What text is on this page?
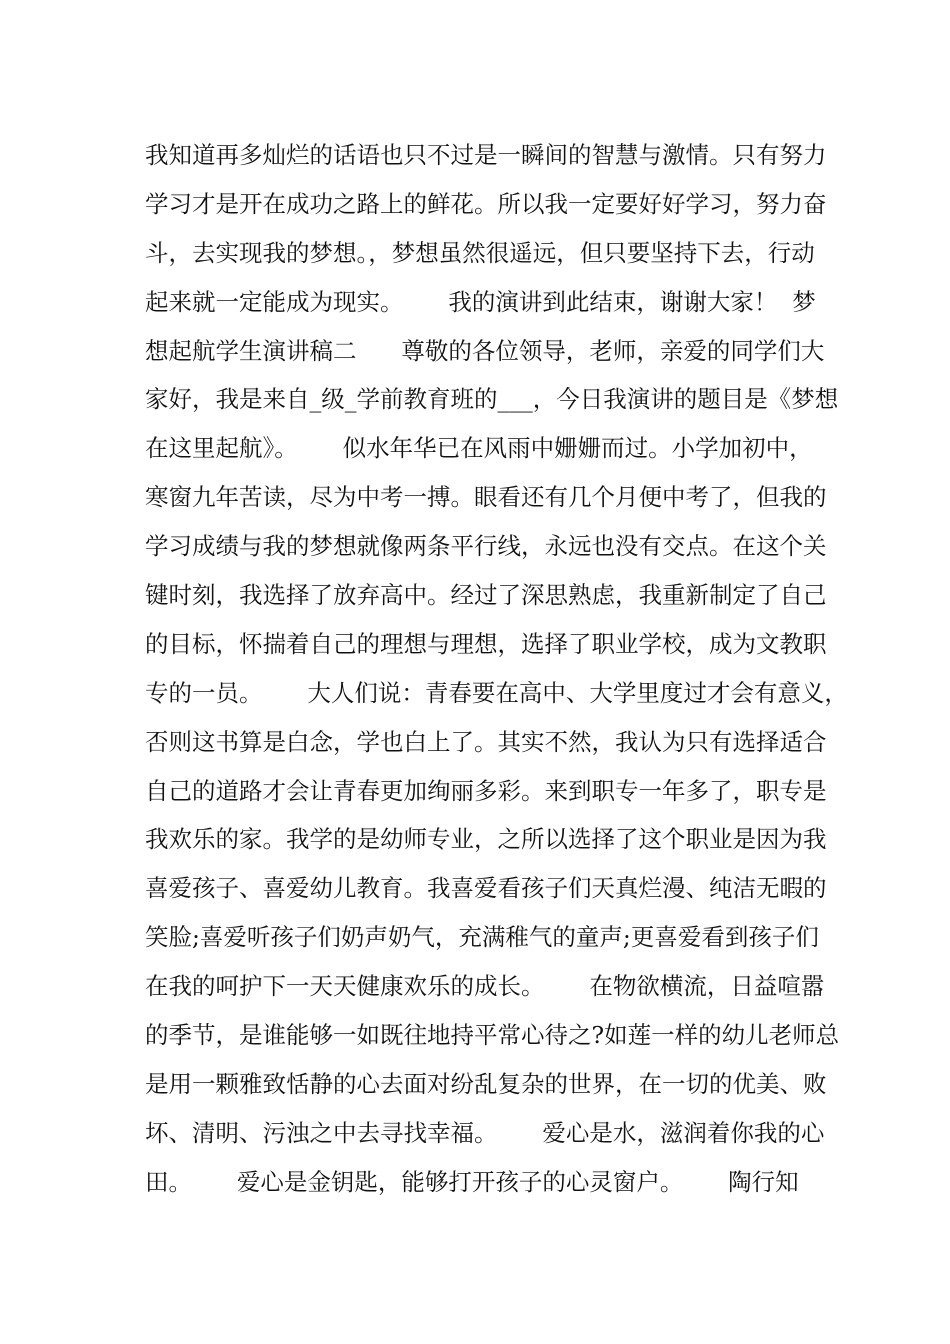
我知道再多灿烂的话语也只不过是一瞬间的智慧与激情。只有努力
学习才是开在成功之路上的鲜花。所以我一定要好好学习，努力奋
斗，去实现我的梦想。，梦想虽然很遥远，但只要坚持下去，行动
起来就一定能成为现实。      我的演讲到此结束，谢谢大家！  梦
想起航学生演讲稿二      尊敬的各位领导，老师，亲爱的同学们大
家好，我是来自_级_学前教育班的___，今日我演讲的题目是《梦想
在这里起航》。      似水年华已在风雨中姗姗而过。小学加初中，
寒窗九年苦读，尽为中考一搏。眼看还有几个月便中考了，但我的
学习成绩与我的梦想就像两条平行线，永远也没有交点。在这个关
键时刻，我选择了放弃高中。经过了深思熟虑，我重新制定了自己
的目标，怀揣着自己的理想与理想，选择了职业学校，成为文教职
专的一员。      大人们说：青春要在高中、大学里度过才会有意义，
否则这书算是白念，学也白上了。其实不然，我认为只有选择适合
自己的道路才会让青春更加绚丽多彩。来到职专一年多了，职专是
我欢乐的家。我学的是幼师专业，之所以选择了这个职业是因为我
喜爱孩子、喜爱幼儿教育。我喜爱看孩子们天真烂漫、纯洁无暇的
笑脸;喜爱听孩子们奶声奶气，充满稚气的童声;更喜爱看到孩子们
在我的呵护下一天天健康欢乐的成长。      在物欲横流，日益喧嚣
的季节，是谁能够一如既往地持平常心待之?如莲一样的幼儿老师总
是用一颗雅致恬静的心去面对纷乱复杂的世界，在一切的优美、败
坏、清明、污浊之中去寻找幸福。      爱心是水，滋润着你我的心
田。      爱心是金钥匙，能够打开孩子的心灵窗户。      陶行知
